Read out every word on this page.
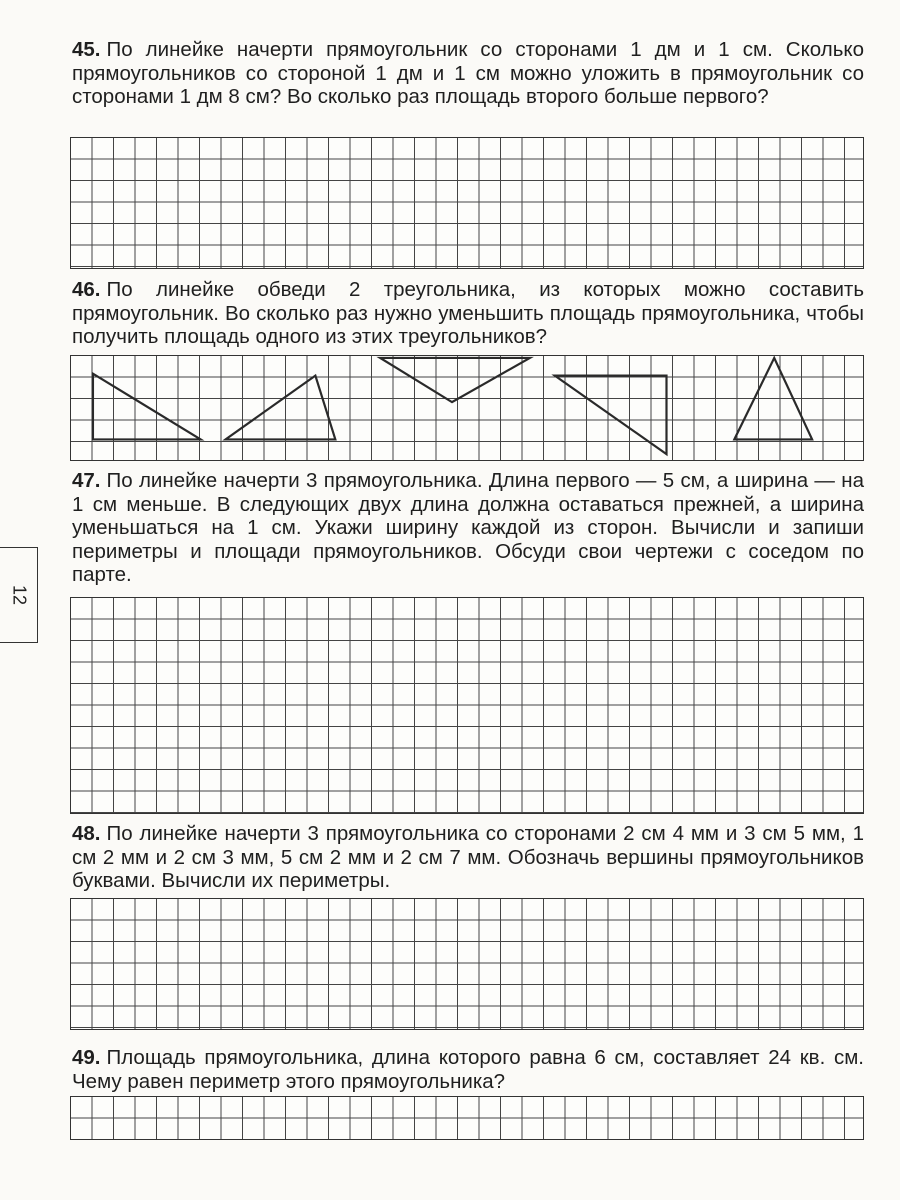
45. По линейке начерти прямоугольник со сторонами 1 дм и 1 см. Сколько прямоугольников со стороной 1 дм и 1 см можно уложить в прямоугольник со сторонами 1 дм 8 см? Во сколько раз площадь второго больше первого?

46. По линейке обведи 2 треугольника, из которых можно составить прямоугольник. Во сколько раз нужно уменьшить площадь прямоугольника, чтобы получить площадь одного из этих треугольников?

47. По линейке начерти 3 прямоугольника. Длина первого — 5 см, а ширина — на 1 см меньше. В следующих двух длина должна оставаться прежней, а ширина уменьшаться на 1 см. Укажи ширину каждой из сторон. Вычисли и запиши периметры и площади прямоугольников. Обсуди свои чертежи с соседом по парте.

48. По линейке начерти 3 прямоугольника со сторонами 2 см 4 мм и 3 см 5 мм, 1 см 2 мм и 2 см 3 мм, 5 см 2 мм и 2 см 7 мм. Обозначь вершины прямоугольников буквами. Вычисли их периметры.

49. Площадь прямоугольника, длина которого равна 6 см, составляет 24 кв. см. Чему равен периметр этого прямоугольника?

12
